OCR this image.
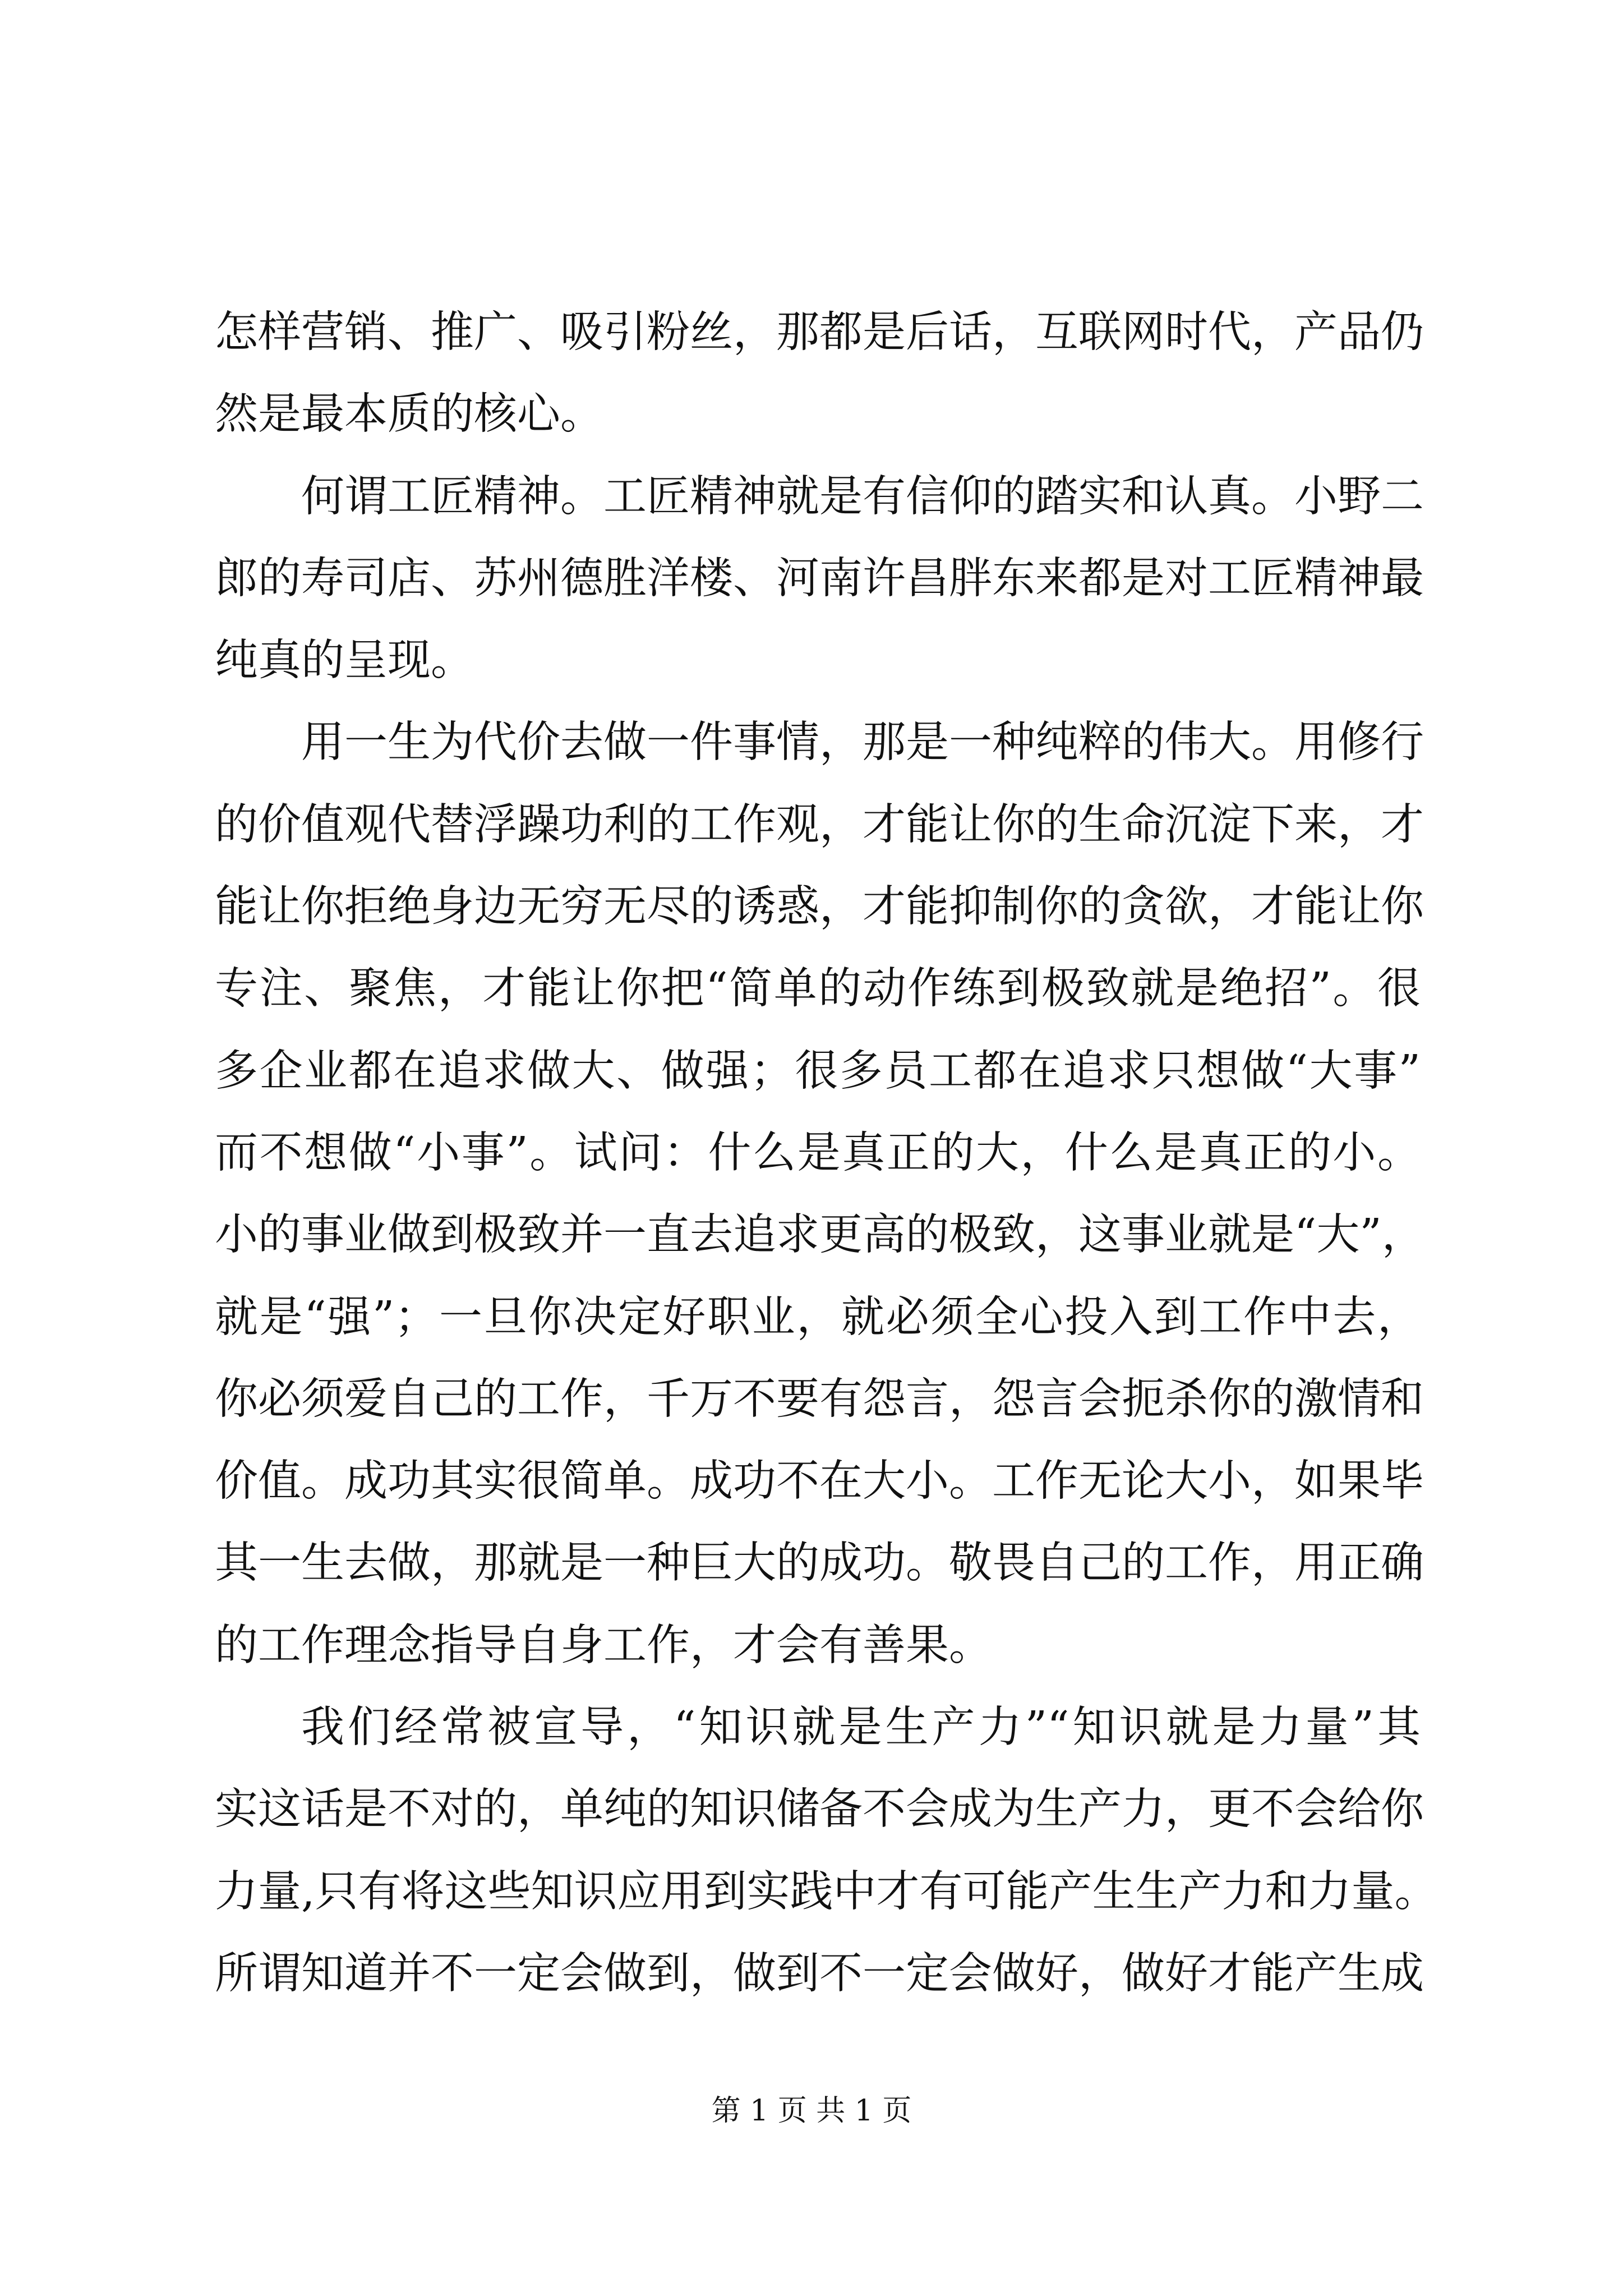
怎样营销、推广、吸引粉丝，那都是后话，互联网时代，产品仍
然是最本质的核心。
何谓工匠精神。工匠精神就是有信仰的踏实和认真。小野二
郎的寿司店、苏州德胜洋楼、河南许昌胖东来都是对工匠精神最
纯真的呈现。
用一生为代价去做一件事情，那是一种纯粹的伟大。用修行
的价值观代替浮躁功利的工作观，才能让你的生命沉淀下来，才
能让你拒绝身边无穷无尽的诱惑，才能抑制你的贪欲，才能让你
专注、聚焦，才能让你把“简单的动作练到极致就是绝招”。很
多企业都在追求做大、做强；很多员工都在追求只想做“大事”
而不想做“小事”。试问：什么是真正的大，什么是真正的小。
小的事业做到极致并一直去追求更高的极致，这事业就是“大”，
就是“强”；一旦你决定好职业，就必须全心投入到工作中去，
你必须爱自己的工作，千万不要有怨言，怨言会扼杀你的激情和
价值。成功其实很简单。成功不在大小。工作无论大小，如果毕
其一生去做，那就是一种巨大的成功。敬畏自己的工作，用正确
的工作理念指导自身工作，才会有善果。
我们经常被宣导，“知识就是生产力”“知识就是力量”其
实这话是不对的，单纯的知识储备不会成为生产力，更不会给你
力量,只有将这些知识应用到实践中才有可能产生生产力和力量。
所谓知道并不一定会做到，做到不一定会做好，做好才能产生成
第 1 页 共 1 页
